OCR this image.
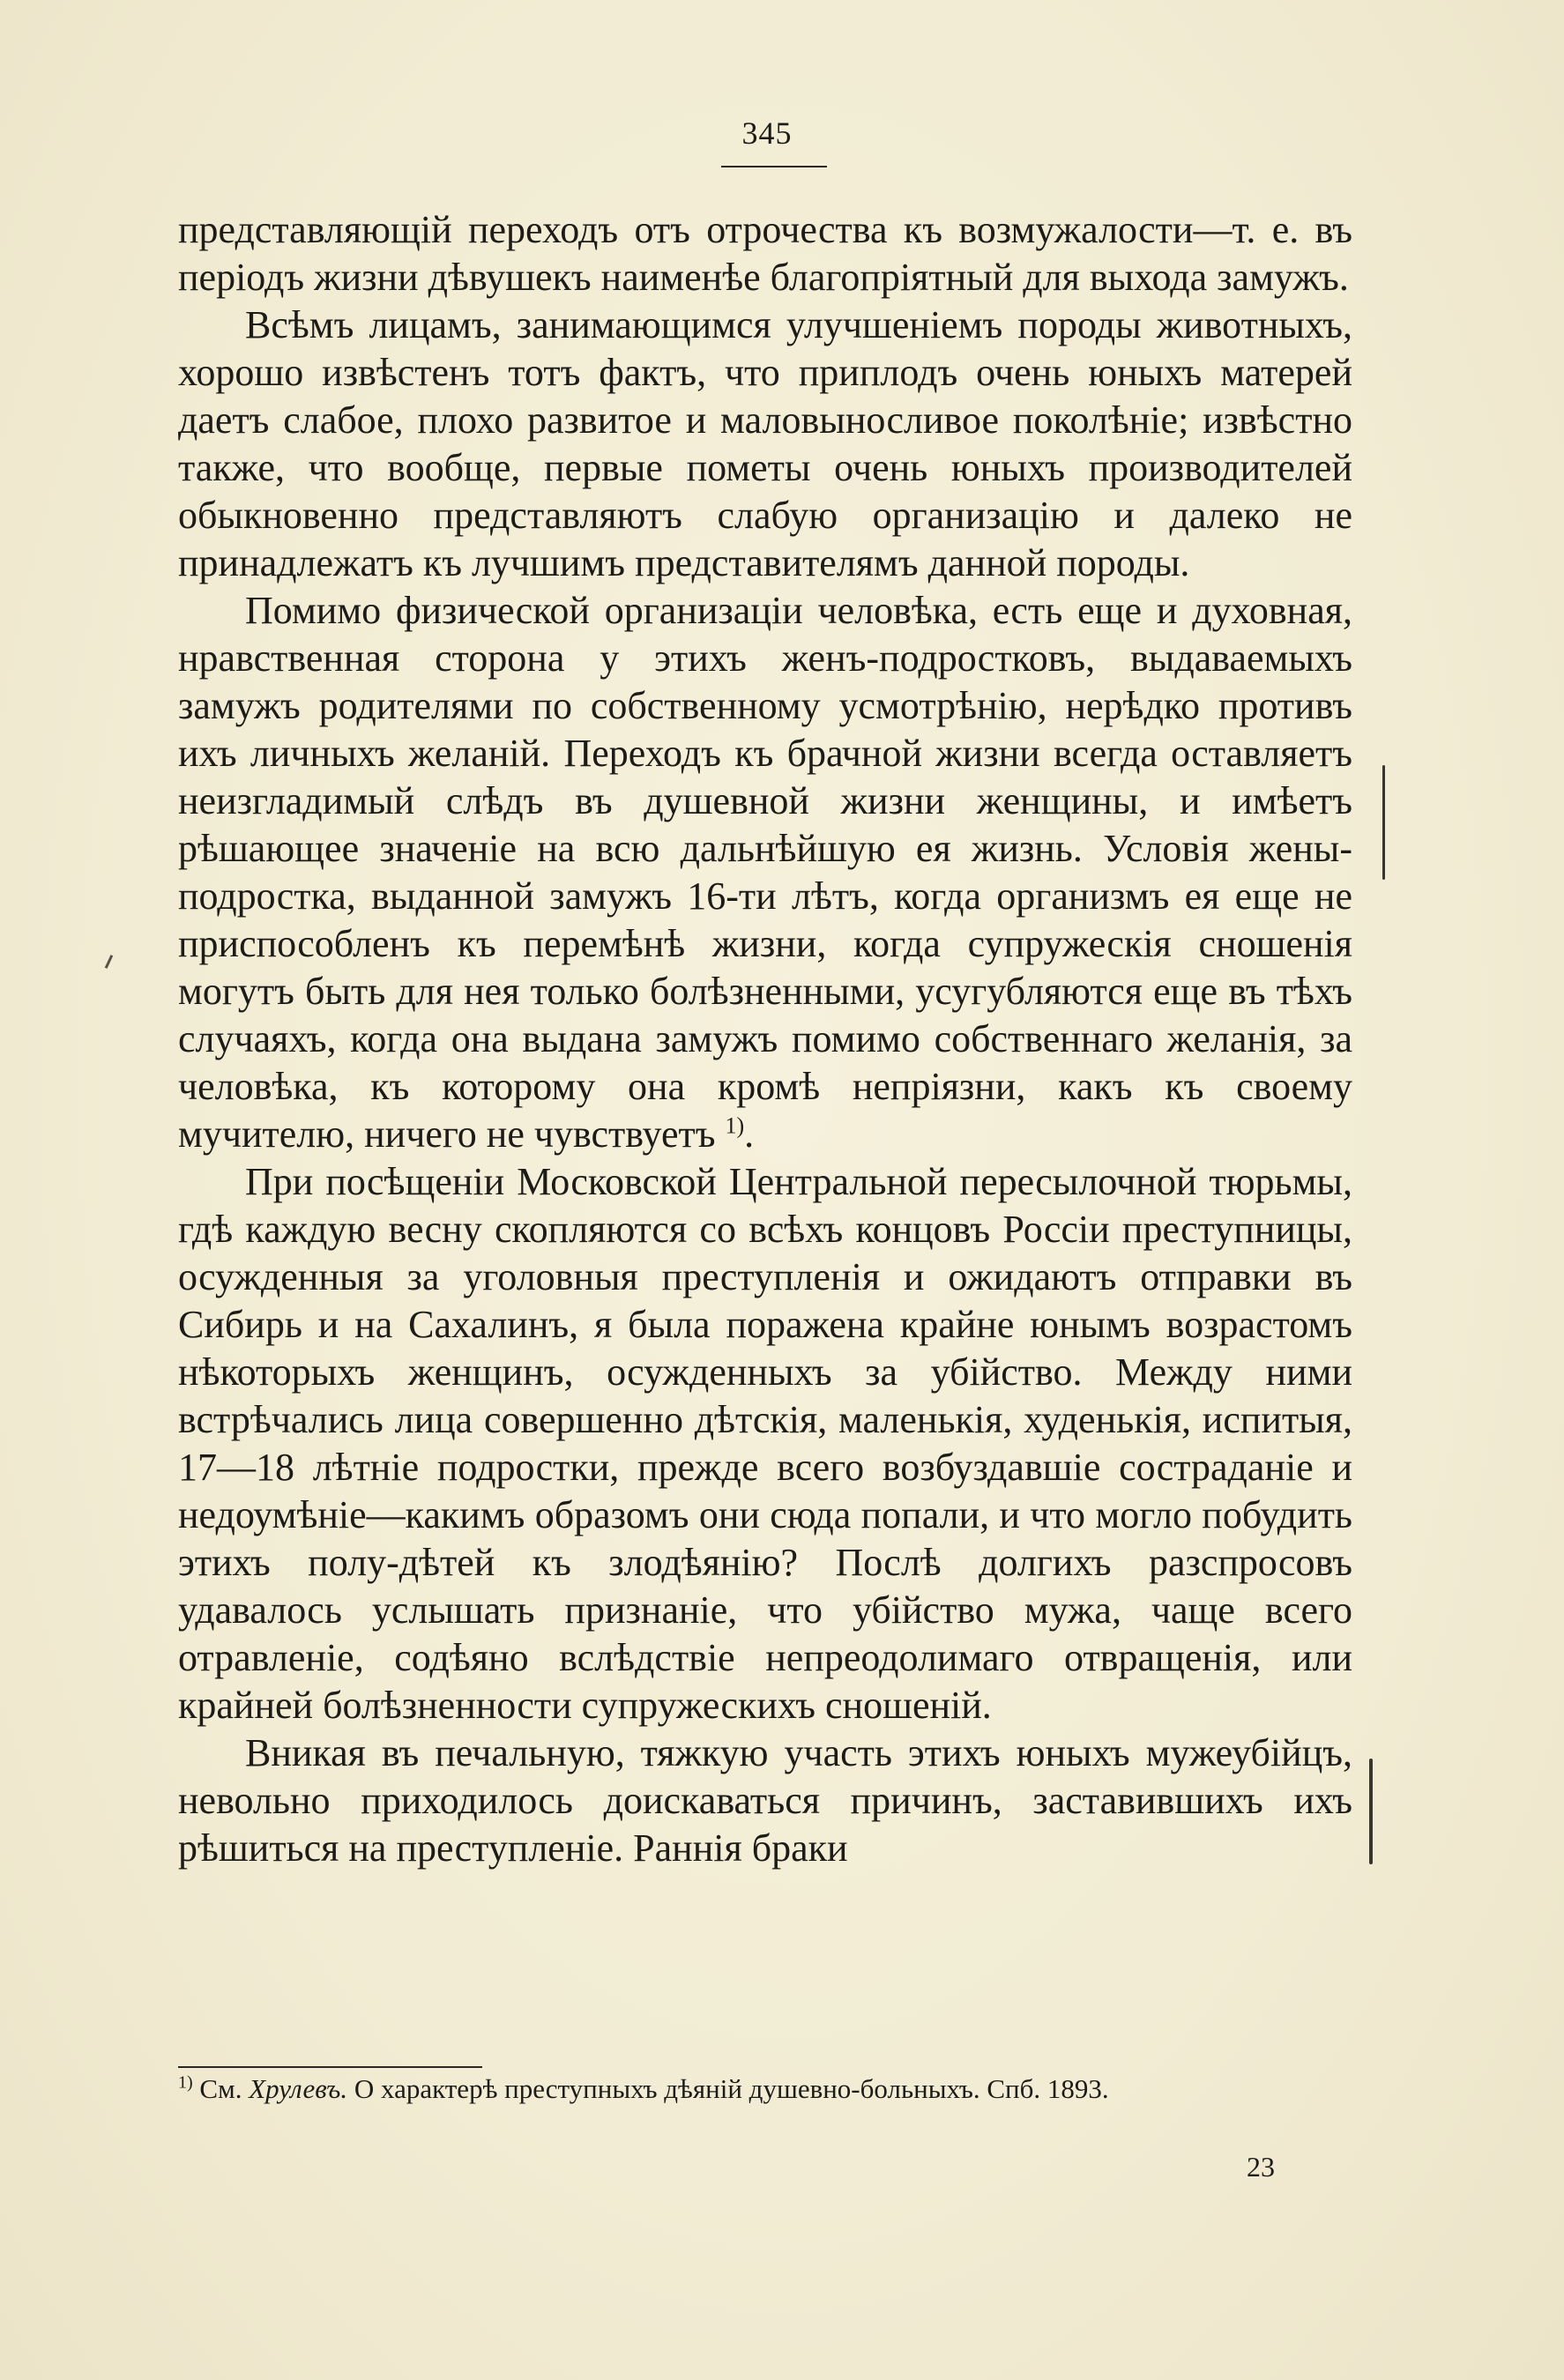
345

представляющій переходъ отъ отрочества къ возмужалости—т. е. въ періодъ жизни дѣвушекъ наименѣе благопріятный для выхода замужъ.

Всѣмъ лицамъ, занимающимся улучшеніемъ породы животныхъ, хорошо извѣстенъ тотъ фактъ, что приплодъ очень юныхъ матерей даетъ слабое, плохо развитое и маловыносливое поколѣніе; извѣстно также, что вообще, первые пометы очень юныхъ производителей обыкновенно представляютъ слабую организацію и далеко не принадлежатъ къ лучшимъ представителямъ данной породы.

Помимо физической организаціи человѣка, есть еще и духовная, нравственная сторона у этихъ женъ-подростковъ, выдаваемыхъ замужъ родителями по собственному усмотрѣнію, нерѣдко противъ ихъ личныхъ желаній. Переходъ къ брачной жизни всегда оставляетъ неизгладимый слѣдъ въ душевной жизни женщины, и имѣетъ рѣшающее значеніе на всю дальнѣйшую ея жизнь. Условія жены-подростка, выданной замужъ 16-ти лѣтъ, когда организмъ ея еще не приспособленъ къ перемѣнѣ жизни, когда супружескія сношенія могутъ быть для нея только болѣзненными, усугубляются еще въ тѣхъ случаяхъ, когда она выдана замужъ помимо собственнаго желанія, за человѣка, къ которому она кромѣ непріязни, какъ къ своему мучителю, ничего не чувствуетъ $^{1)}$.

При посѣщеніи Московской Центральной пересылочной тюрьмы, гдѣ каждую весну скопляются со всѣхъ концовъ Россіи преступницы, осужденныя за уголовныя преступленія и ожидаютъ отправки въ Сибирь и на Сахалинъ, я была поражена крайне юнымъ возрастомъ нѣкоторыхъ женщинъ, осужденныхъ за убійство. Между ними встрѣчались лица совершенно дѣтскія, маленькія, худенькія, испитыя, 17—18 лѣтніе подростки, прежде всего возбуздавшіе состраданіе и недоумѣніе—какимъ образомъ они сюда попали, и что могло побудить этихъ полу-дѣтей къ злодѣянію? Послѣ долгихъ разспросовъ удавалось услышать признаніе, что убійство мужа, чаще всего отравленіе, содѣяно вслѣдствіе непреодолимаго отвращенія, или крайней болѣзненности супружескихъ сношеній.

Вникая въ печальную, тяжкую участь этихъ юныхъ мужеубійцъ, невольно приходилось доискаваться причинъ, заставившихъ ихъ рѣшиться на преступленіе. Раннія браки

$^{1)}$ См. Хрулевъ. О характерѣ преступныхъ дѣяній душевно-больныхъ. Спб. 1893.
23
